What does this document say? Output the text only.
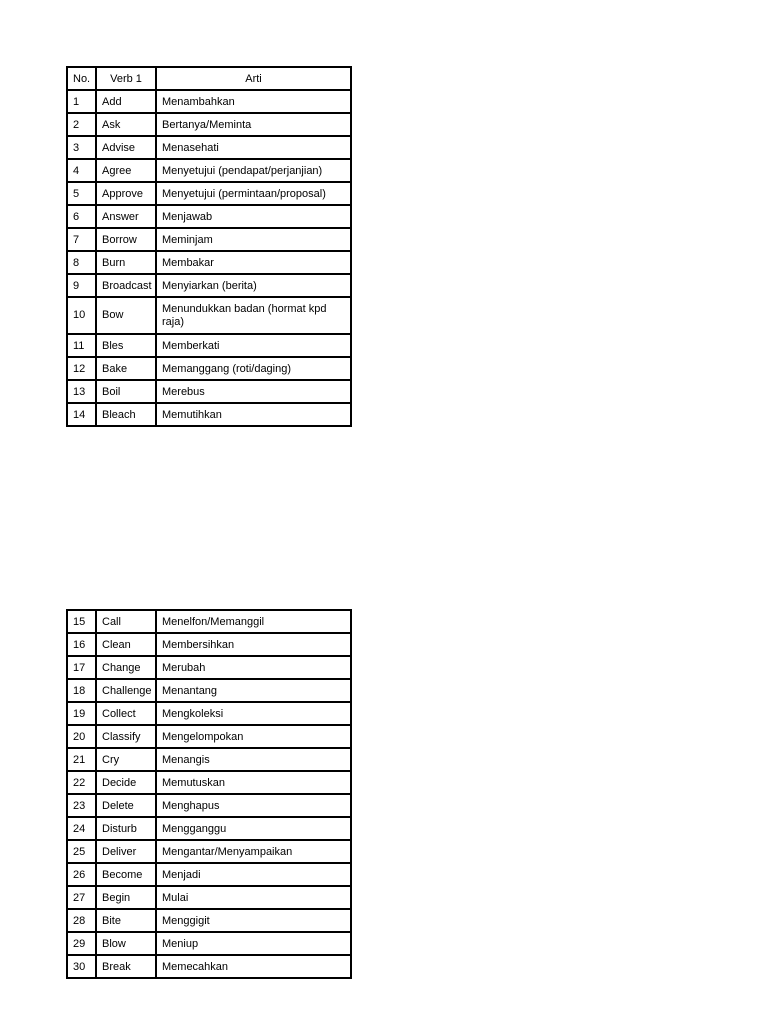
No.	Verb 1	Arti
1	Add	Menambahkan
2	Ask	Bertanya/Meminta
3	Advise	Menasehati
4	Agree	Menyetujui (pendapat/perjanjian)
5	Approve	Menyetujui (permintaan/proposal)
6	Answer	Menjawab
7	Borrow	Meminjam
8	Burn	Membakar
9	Broadcast	Menyiarkan (berita)
10	Bow	Menundukkan badan (hormat kpd raja)
11	Bles	Memberkati
12	Bake	Memanggang (roti/daging)
13	Boil	Merebus
14	Bleach	Memutihkan
15	Call	Menelfon/Memanggil
16	Clean	Membersihkan
17	Change	Merubah
18	Challenge	Menantang
19	Collect	Mengkoleksi
20	Classify	Mengelompokan
21	Cry	Menangis
22	Decide	Memutuskan
23	Delete	Menghapus
24	Disturb	Mengganggu
25	Deliver	Mengantar/Menyampaikan
26	Become	Menjadi
27	Begin	Mulai
28	Bite	Menggigit
29	Blow	Meniup
30	Break	Memecahkan
